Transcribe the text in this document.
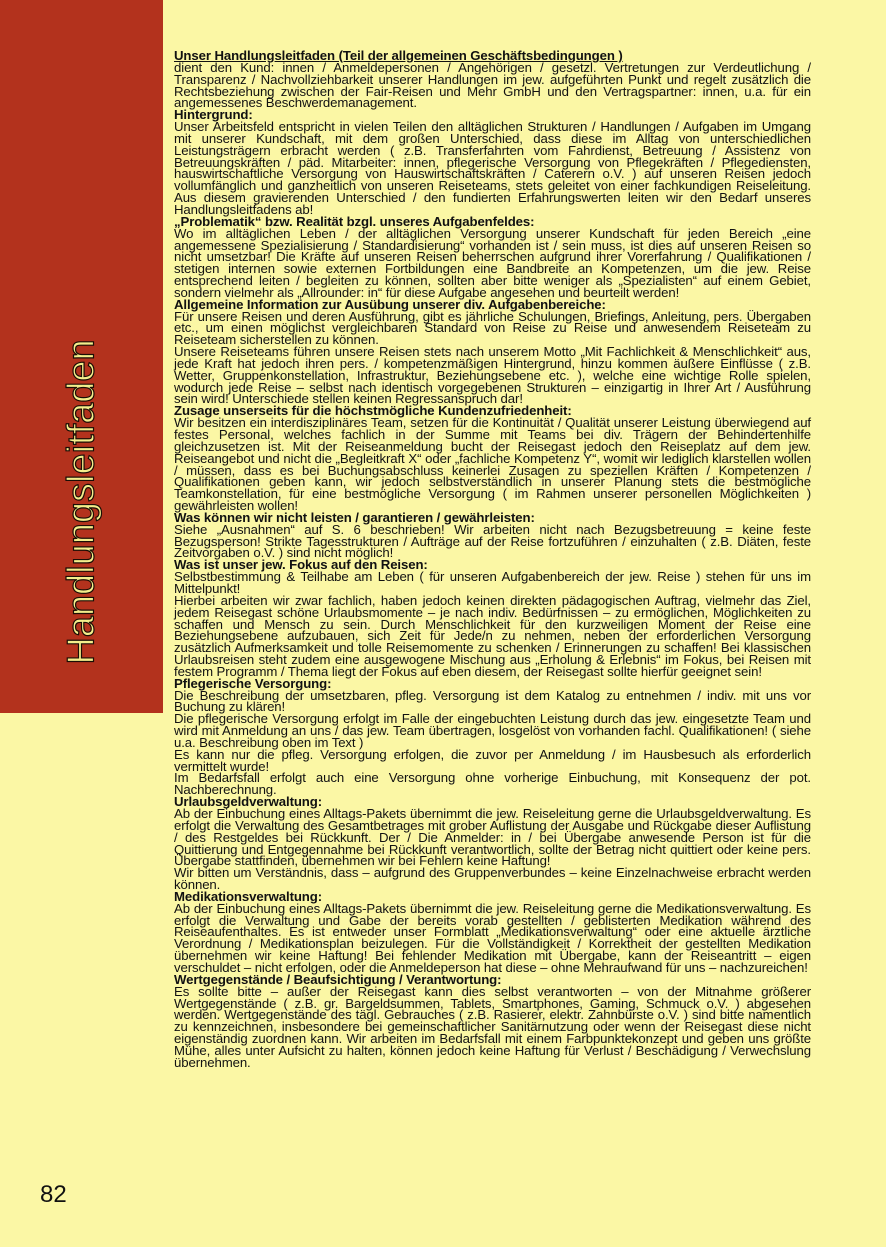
Handlungsleitfaden
82

Unser Handlungsleitfaden (Teil der allgemeinen Geschäftsbedingungen )

dient den Kund: innen / Anmeldepersonen / Angehörigen / gesetzl. Vertretungen zur Verdeutlichung / Transparenz / Nachvollziehbarkeit unserer Handlungen im jew. aufgeführten Punkt und regelt zusätzlich die Rechtsbeziehung zwischen der Fair-Reisen und Mehr GmbH und den Vertragspartner: innen, u.a. für ein angemessenes Beschwerdemanagement.

Hintergrund:

Unser Arbeitsfeld entspricht in vielen Teilen den alltäglichen Strukturen / Handlungen / Aufgaben im Umgang mit unserer Kundschaft, mit dem großen Unterschied, dass diese im Alltag von unterschiedlichen Leistungsträgern erbracht werden ( z.B. Transferfahrten vom Fahrdienst, Betreuung / Assistenz von Betreuungskräften / päd. Mitarbeiter: innen, pflegerische Versorgung von Pflegekräften / Pflegediensten, hauswirtschaftliche Versorgung von Hauswirtschaftskräften / Caterern o.V. ) auf unseren Reisen jedoch vollumfänglich und ganzheitlich von unseren Reiseteams, stets geleitet von einer fachkundigen Reiseleitung. Aus diesem gravierenden Unterschied / den fundierten Erfahrungswerten leiten wir den Bedarf unseres Handlungsleitfadens ab!

„Problematik“ bzw. Realität bzgl. unseres Aufgabenfeldes:

Wo im alltäglichen Leben / der alltäglichen Versorgung unserer Kundschaft für jeden Bereich „eine angemessene Spezialisierung / Standardisierung“ vorhanden ist / sein muss, ist dies auf unseren Reisen so nicht umsetzbar! Die Kräfte auf unseren Reisen beherrschen aufgrund ihrer Vorerfahrung / Qualifikationen / stetigen internen sowie externen Fortbildungen eine Bandbreite an Kompetenzen, um die jew. Reise entsprechend leiten / begleiten zu können, sollten aber bitte weniger als „Spezialisten“ auf einem Gebiet, sondern vielmehr als „Allrounder: in“ für diese Aufgabe angesehen und beurteilt werden!

Allgemeine Information zur Ausübung unserer div. Aufgabenbereiche:

Für unsere Reisen und deren Ausführung, gibt es jährliche Schulungen, Briefings, Anleitung, pers. Übergaben etc., um einen möglichst vergleichbaren Standard von Reise zu Reise und anwesendem Reiseteam zu Reiseteam sicherstellen zu können.

Unsere Reiseteams führen unsere Reisen stets nach unserem Motto „Mit Fachlichkeit & Menschlichkeit“ aus, jede Kraft hat jedoch ihren pers. / kompetenzmäßigen Hintergrund, hinzu kommen äußere Einflüsse ( z.B. Wetter, Gruppenkonstellation, Infrastruktur, Beziehungsebene etc. ), welche eine wichtige Rolle spielen, wodurch jede Reise – selbst nach identisch vorgegebenen Strukturen – einzigartig in Ihrer Art / Ausführung sein wird! Unterschiede stellen keinen Regressanspruch dar!

Zusage unserseits für die höchstmögliche Kundenzufriedenheit:

Wir besitzen ein interdisziplinäres Team, setzen für die Kontinuität / Qualität unserer Leistung überwiegend auf festes Personal, welches fachlich in der Summe mit Teams bei div. Trägern der Behindertenhilfe gleichzusetzen ist. Mit der Reiseanmeldung bucht der Reisegast jedoch den Reiseplatz auf dem jew. Reiseangebot und nicht die „Begleitkraft X“ oder „fachliche Kompetenz Y“, womit wir lediglich klarstellen wollen / müssen, dass es bei Buchungsabschluss keinerlei Zusagen zu speziellen Kräften / Kompetenzen / Qualifikationen geben kann, wir jedoch selbstverständlich in unserer Planung stets die bestmögliche Teamkonstellation, für eine bestmögliche Versorgung ( im Rahmen unserer personellen Möglichkeiten ) gewährleisten wollen!

Was können wir nicht leisten / garantieren / gewährleisten:

Siehe „Ausnahmen“ auf S. 6 beschrieben! Wir arbeiten nicht nach Bezugsbetreuung = keine feste Bezugsperson! Strikte Tagesstrukturen / Aufträge auf der Reise fortzuführen / einzuhalten ( z.B. Diäten, feste Zeitvorgaben o.V. ) sind nicht möglich!

Was ist unser jew. Fokus auf den Reisen:

Selbstbestimmung & Teilhabe am Leben ( für unseren Aufgabenbereich der jew. Reise ) stehen für uns im Mittelpunkt!

Hierbei arbeiten wir zwar fachlich, haben jedoch keinen direkten pädagogischen Auftrag, vielmehr das Ziel, jedem Reisegast schöne Urlaubsmomente – je nach indiv. Bedürfnissen – zu ermöglichen, Möglichkeiten zu schaffen und Mensch zu sein. Durch Menschlichkeit für den kurzweiligen Moment der Reise eine Beziehungsebene aufzubauen, sich Zeit für Jede/n zu nehmen, neben der erforderlichen Versorgung zusätzlich Aufmerksamkeit und tolle Reisemomente zu schenken / Erinnerungen zu schaffen! Bei klassischen Urlaubsreisen steht zudem eine ausgewogene Mischung aus „Erholung & Erlebnis“ im Fokus, bei Reisen mit festem Programm / Thema liegt der Fokus auf eben diesem, der Reisegast sollte hierfür geeignet sein!

Pflegerische Versorgung:

Die Beschreibung der umsetzbaren, pfleg. Versorgung ist dem Katalog zu entnehmen / indiv. mit uns vor Buchung zu klären!

Die pflegerische Versorgung erfolgt im Falle der eingebuchten Leistung durch das jew. eingesetzte Team und wird mit Anmeldung an uns / das jew. Team übertragen, losgelöst von vorhanden fachl. Qualifikationen! ( siehe u.a. Beschreibung oben im Text )

Es kann nur die pfleg. Versorgung erfolgen, die zuvor per Anmeldung / im Hausbesuch als erforderlich vermittelt wurde!

Im Bedarfsfall erfolgt auch eine Versorgung ohne vorherige Einbuchung, mit Konsequenz der pot. Nachberechnung.

Urlaubsgeldverwaltung:

Ab der Einbuchung eines Alltags-Pakets übernimmt die jew. Reiseleitung gerne die Urlaubsgeldverwaltung. Es erfolgt die Verwaltung des Gesamtbetrages mit grober Auflistung der Ausgabe und Rückgabe dieser Auflistung / des Restgeldes bei Rückkunft. Der / Die Anmelder: in / bei Übergabe anwesende Person ist für die Quittierung und Entgegennahme bei Rückkunft verantwortlich, sollte der Betrag nicht quittiert oder keine pers. Übergabe stattfinden, übernehmen wir bei Fehlern keine Haftung!

Wir bitten um Verständnis, dass – aufgrund des Gruppenverbundes – keine Einzelnachweise erbracht werden können.

Medikationsverwaltung:

Ab der Einbuchung eines Alltags-Pakets übernimmt die jew. Reiseleitung gerne die Medikationsverwaltung. Es erfolgt die Verwaltung und Gabe der bereits vorab gestellten / geblisterten Medikation während des Reiseaufenthaltes. Es ist entweder unser Formblatt „Medikationsverwaltung“ oder eine aktuelle ärztliche Verordnung / Medikationsplan beizulegen. Für die Vollständigkeit / Korrektheit der gestellten Medikation übernehmen wir keine Haftung! Bei fehlender Medikation mit Übergabe, kann der Reiseantritt – eigen verschuldet – nicht erfolgen, oder die Anmeldeperson hat diese – ohne Mehraufwand für uns – nachzureichen!

Wertgegenstände / Beaufsichtigung / Verantwortung:

Es sollte bitte – außer der Reisegast kann dies selbst verantworten – von der Mitnahme größerer Wertgegenstände ( z.B. gr. Bargeldsummen, Tablets, Smartphones, Gaming, Schmuck o.V. ) abgesehen werden. Wertgegenstände des tägl. Gebrauches ( z.B. Rasierer, elektr. Zahnbürste o.V. ) sind bitte namentlich zu kennzeichnen, insbesondere bei gemeinschaftlicher Sanitärnutzung oder wenn der Reisegast diese nicht eigenständig zuordnen kann. Wir arbeiten im Bedarfsfall mit einem Farbpunktekonzept und geben uns größte Mühe, alles unter Aufsicht zu halten, können jedoch keine Haftung für Verlust / Beschädigung / Verwechslung übernehmen.
